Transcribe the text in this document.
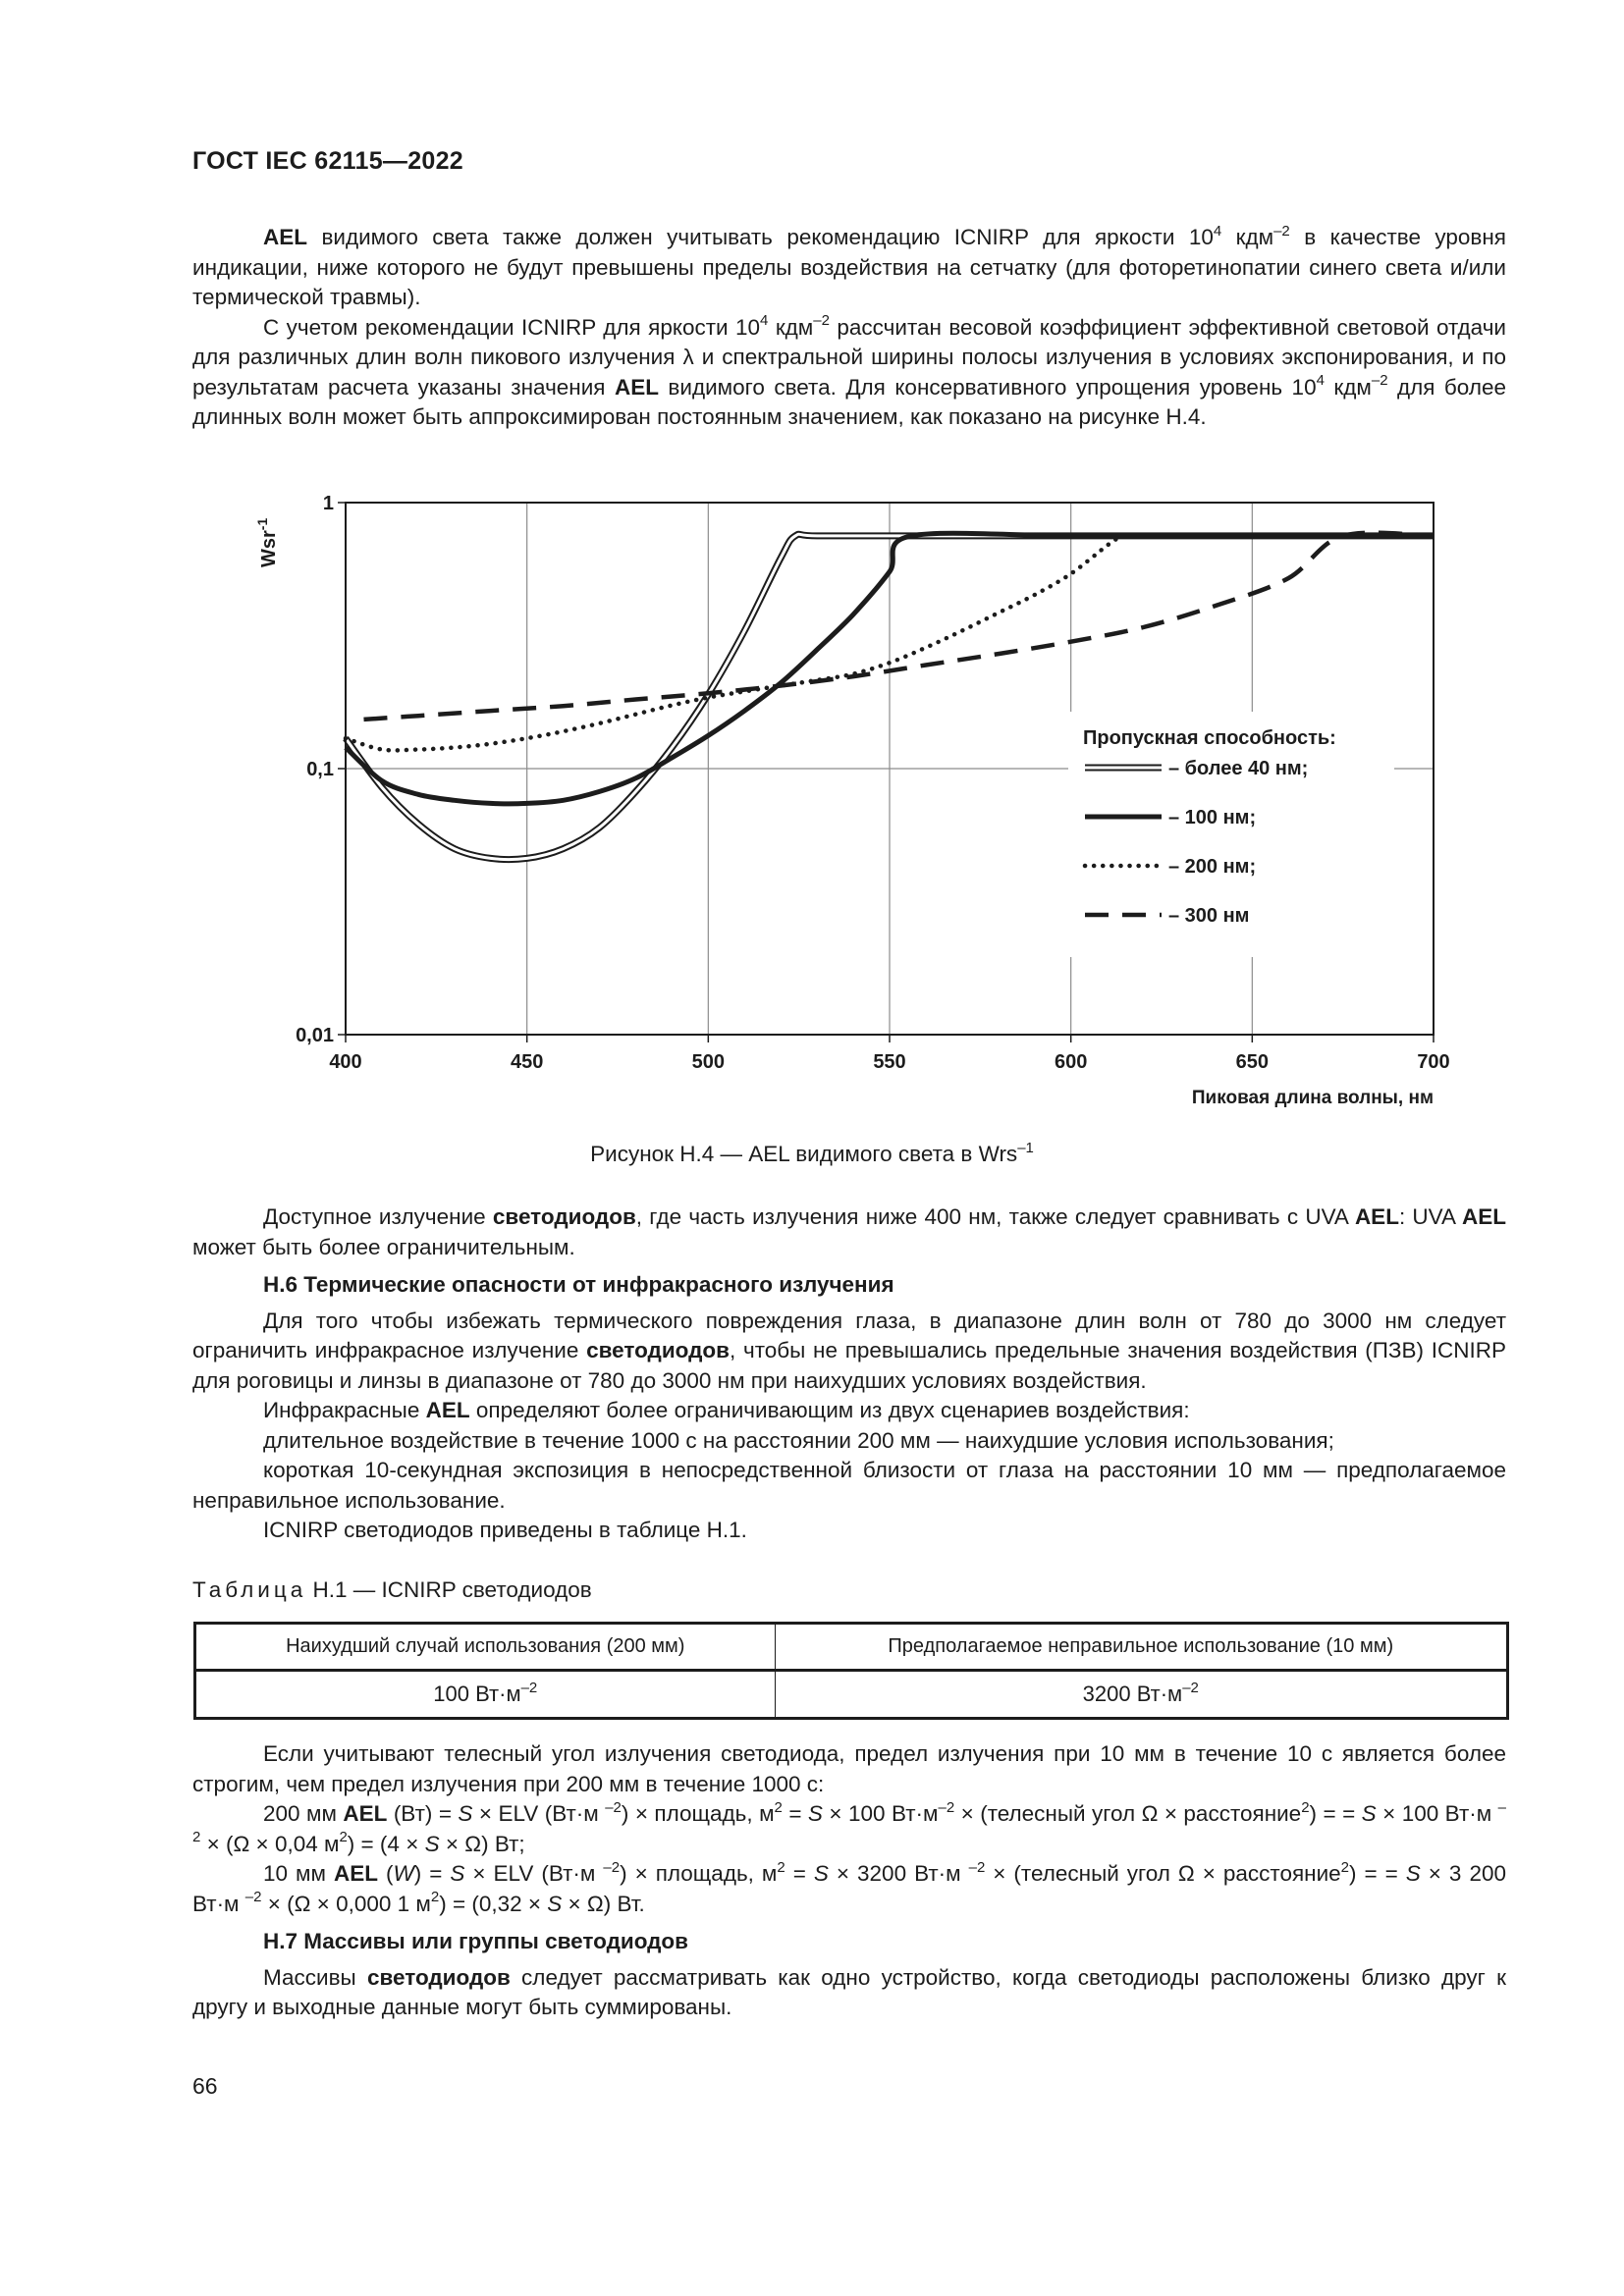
ГОСТ IEC 62115—2022

AEL видимого света также должен учитывать рекомендацию ICNIRP для яркости $10^4$ кдм$^{-2}$ в качестве уровня индикации, ниже которого не будут превышены пределы воздействия на сетчатку (для фоторетинопатии синего света и/или термической травмы).

С учетом рекомендации ICNIRP для яркости $10^4$ кдм$^{-2}$ рассчитан весовой коэффициент эффективной световой отдачи для различных длин волн пикового излучения λ и спектральной ширины полосы излучения в условиях экспонирования, и по результатам расчета указаны значения AEL видимого света. Для консервативного упрощения уровень $10^4$ кдм$^{-2}$ для более длинных волн может быть аппроксимирован постоянным значением, как показано на рисунке Н.4.

400	450	500	550	600	650	700
0,01
0,1
1
Wsr$^{-1}$
Пиковая длина волны, нм
Пропускная способность:
– более 40 нм;
– 100 нм;
– 200 нм;
– 300 нм
Рисунок Н.4 — AEL видимого света в Wrs$^{-1}$

Доступное излучение светодиодов, где часть излучения ниже 400 нм, также следует сравнивать с UVA AEL: UVA AEL может быть более ограничительным.

Н.6 Термические опасности от инфракрасного излучения

Для того чтобы избежать термического повреждения глаза, в диапазоне длин волн от 780 до 3000 нм следует ограничить инфракрасное излучение светодиодов, чтобы не превышались предельные значения воздействия (ПЗВ) ICNIRP для роговицы и линзы в диапазоне от 780 до 3000 нм при наихудших условиях воздействия.

Инфракрасные AEL определяют более ограничивающим из двух сценариев воздействия:

длительное воздействие в течение 1000 с на расстоянии 200 мм — наихудшие условия использования;

короткая 10-секундная экспозиция в непосредственной близости от глаза на расстоянии 10 мм — предполагаемое неправильное использование.

ICNIRP светодиодов приведены в таблице Н.1.

Таблица Н.1 — ICNIRP светодиодов
Наихудший случай использования (200 мм)	Предполагаемое неправильное использование (10 мм)
100 $Вт\cdot м^{-2}$	3200 $Вт\cdot м^{-2}$

Если учитывают телесный угол излучения светодиода, предел излучения при 10 мм в течение 10 с является более строгим, чем предел излучения при 200 мм в течение 1000 с:

200 мм AEL (Вт) = S × ELV (Вт·м $^{-2}$) × площадь, $м^2 = S \times 100$ $Вт\cdot м^{-2}$ × (телесный угол Ω × расстояние$^2$) = = S × 100 Вт·м $^{-2}$ × (Ω × 0,04 $м^2) = (4 \times S \times \Omega)$ Вт;

10 мм AEL (W) = S × ELV (Вт·м $^{-2}$) × площадь, $м^2 = S \times 3200$ Вт·м $^{-2}$ × (телесный угол Ω × расстояние$^2$) = = S × 3 200 Вт·м $^{-2}$ × (Ω × 0,000 1 $м^2) = (0,32 \times S \times \Omega)$ Вт.

Н.7 Массивы или группы светодиодов

Массивы светодиодов следует рассматривать как одно устройство, когда светодиоды расположены близко друг к другу и выходные данные могут быть суммированы.

66
